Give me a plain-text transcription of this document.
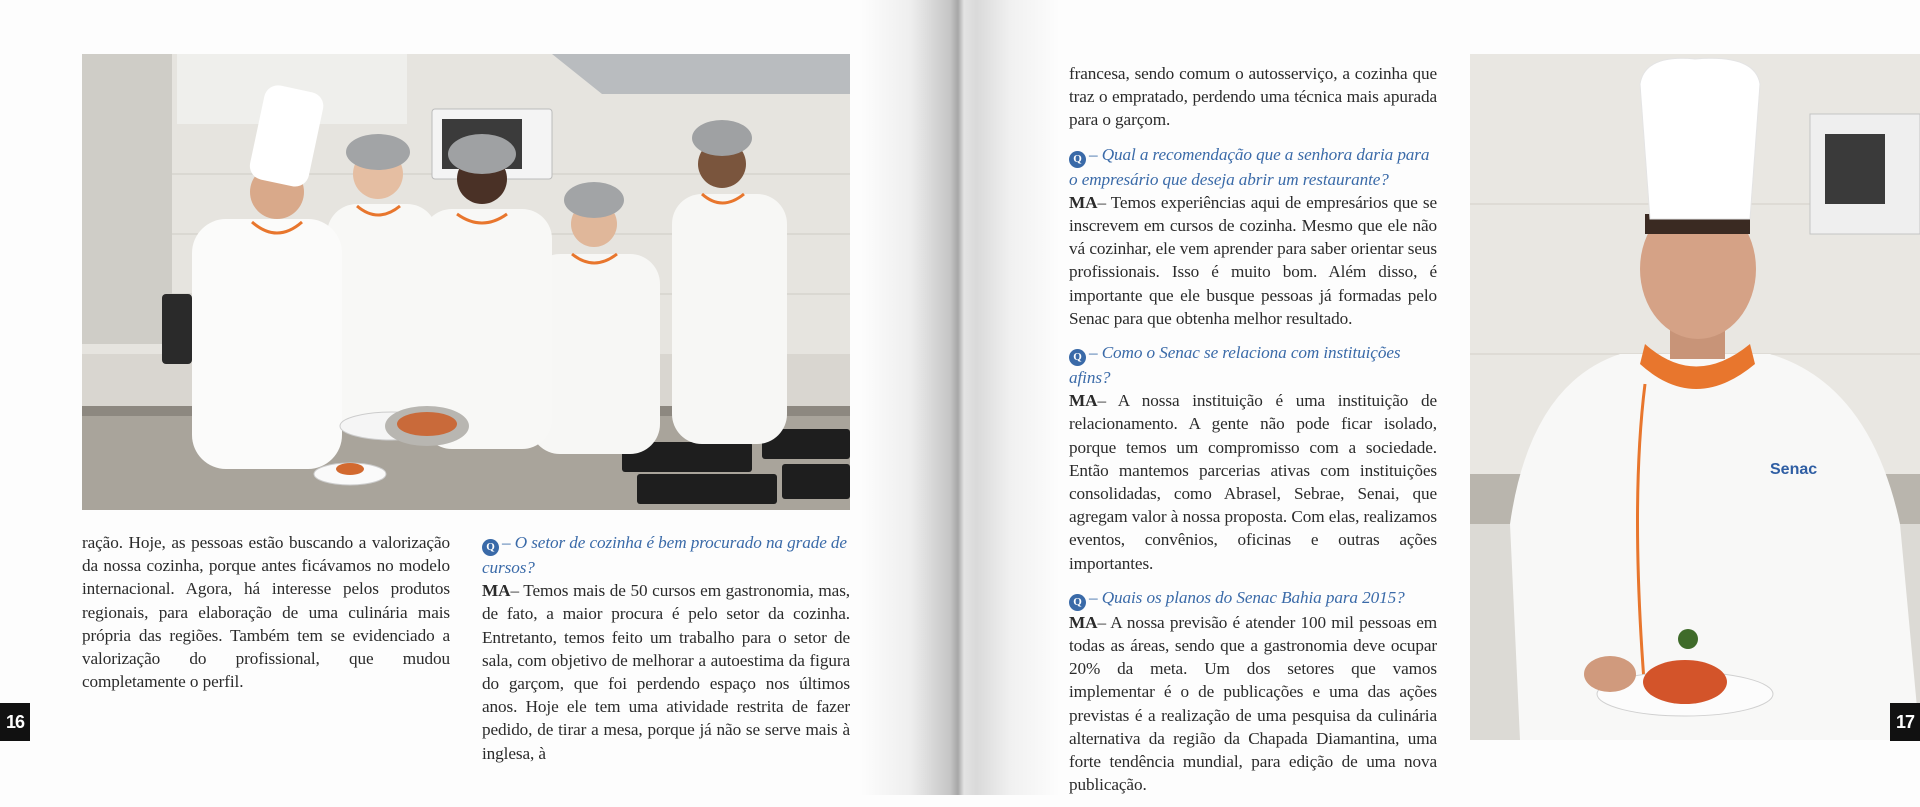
ração. Hoje, as pessoas estão buscando a valorização da nossa cozinha, porque antes ficávamos no modelo internacional. Agora, há interesse pelos produtos regionais, para elaboração de uma culinária mais própria das regiões. Também tem se evidenciado a valorização do profissional, que mudou completamente o perfil.

Q – O setor de cozinha é bem procurado na grade de cursos?

MA– Temos mais de 50 cursos em gastronomia, mas, de fato, a maior procura é pelo setor da cozinha. Entretanto, temos feito um trabalho para o setor de sala, com objetivo de melhorar a autoestima da figura do garçom, que foi perdendo espaço nos últimos anos. Hoje ele tem uma atividade restrita de fazer pedido, de tirar a mesa, porque já não se serve mais à inglesa, à

16

francesa, sendo comum o autosserviço, a cozinha que traz o empratado, perdendo uma técnica mais apurada para o garçom.

Q – Qual a recomendação que a senhora daria para o empresário que deseja abrir um restaurante?

MA– Temos experiências aqui de empresários que se inscrevem em cursos de cozinha. Mesmo que ele não vá cozinhar, ele vem aprender para saber orientar seus profissionais. Isso é muito bom. Além disso, é importante que ele busque pessoas já formadas pelo Senac para que obtenha melhor resultado.

Q – Como o Senac se relaciona com instituições afins?

MA– A nossa instituição é uma instituição de relacionamento. A gente não pode ficar isolado, porque temos um compromisso com a sociedade. Então mantemos parcerias ativas com instituições consolidadas, como Abrasel, Sebrae, Senai, que agregam valor à nossa proposta. Com elas, realizamos eventos, convênios, oficinas e outras ações importantes.

Q – Quais os planos do Senac Bahia para 2015?

MA– A nossa previsão é atender 100 mil pessoas em todas as áreas, sendo que a gastronomia deve ocupar 20% da meta. Um dos setores que vamos implementar é o de publicações e uma das ações previstas é a realização de uma pesquisa da culinária alternativa da região da Chapada Diamantina, uma forte tendência mundial, para edição de uma nova publicação.

Senac
17
